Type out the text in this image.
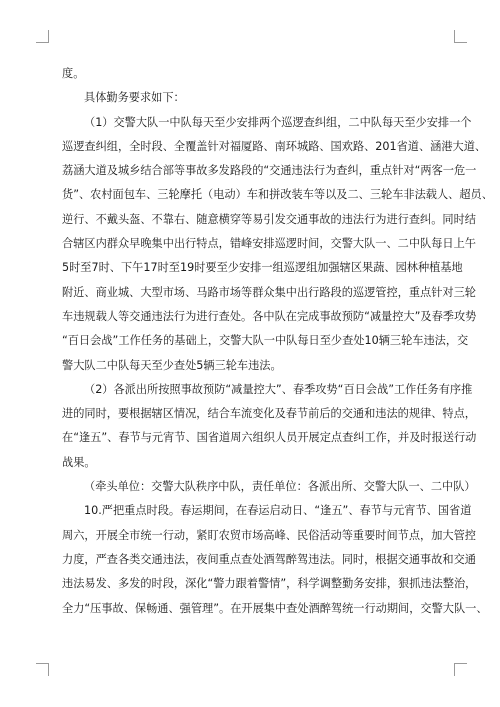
度。
具体勤务要求如下：
（1）交警大队一中队每天至少安排两个巡逻查纠组，二中队每天至少安排一个
巡逻查纠组，全时段、全覆盖针对福厦路、南环城路、国欢路、201省道、涵港大道、
荔涵大道及城乡结合部等事故多发路段的“交通违法行为查纠，重点针对“两客一危一
货”、农村面包车、三轮摩托（电动）车和拼改装车等以及二、三轮车非法载人、超员、
逆行、不戴头盔、不靠右、随意横穿等易引发交通事故的违法行为进行查纠。同时结
合辖区内群众早晚集中出行特点，错峰安排巡逻时间，交警大队一、二中队每日上午
5时至7时、下午17时至19时要至少安排一组巡逻组加强辖区果蔬、园林种植基地
附近、商业城、大型市场、马路市场等群众集中出行路段的巡逻管控，重点针对三轮
车违规载人等交通违法行为进行查处。各中队在完成事故预防“减量控大”及春季攻势
“百日会战”工作任务的基础上，交警大队一中队每日至少查处10辆三轮车违法，交
警大队二中队每天至少查处5辆三轮车违法。
（2）各派出所按照事故预防“减量控大”、春季攻势“百日会战”工作任务有序推
进的同时，要根据辖区情况，结合车流变化及春节前后的交通和违法的规律、特点，
在“逢五”、春节与元宵节、国省道周六组织人员开展定点查纠工作，并及时报送行动
战果。
（牵头单位：交警大队秩序中队，责任单位：各派出所、交警大队一、二中队）
10.严把重点时段。春运期间，在春运启动日、“逢五”、春节与元宵节、国省道
周六，开展全市统一行动，紧盯农贸市场高峰、民俗活动等重要时间节点，加大管控
力度，严查各类交通违法，夜间重点查处酒驾醉驾违法。同时，根据交通事故和交通
违法易发、多发的时段，深化“警力跟着警情”，科学调整勤务安排，狠抓违法整治，
全力“压事故、保畅通、强管理”。在开展集中查处酒醉驾统一行动期间，交警大队一、
